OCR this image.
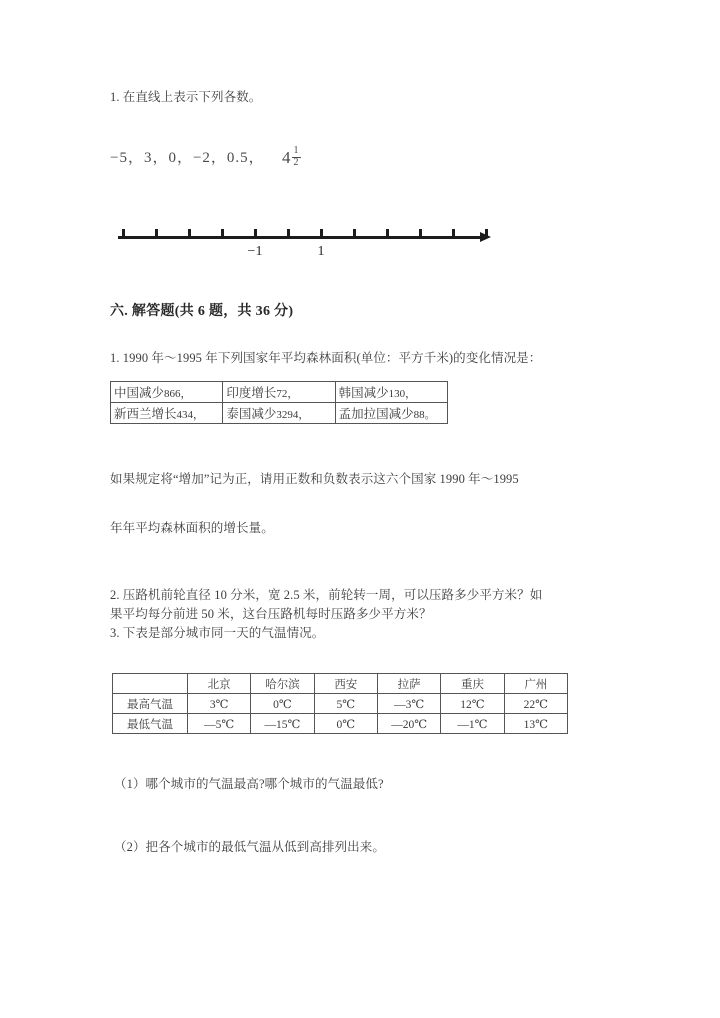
1. 在直线上表示下列各数。
−5，3，0，−2，0.5， $4 \frac{1}{2}$
−1	1
六. 解答题(共 6 题，共 36 分)
1. 1990 年～1995 年下列国家年平均森林面积(单位：平方千米)的变化情况是：
中国减少866，	印度增长72，	韩国减少130，
新西兰增长434，	泰国减少3294，	孟加拉国减少88。
如果规定将“增加”记为正，请用正数和负数表示这六个国家 1990 年～1995
年年平均森林面积的增长量。
2. 压路机前轮直径 10 分米，宽 2.5 米，前轮转一周，可以压路多少平方米？如
果平均每分前进 50 米，这台压路机每时压路多少平方米？
3. 下表是部分城市同一天的气温情况。
	北京	哈尔滨	西安	拉萨	重庆	广州
最高气温	3℃	0℃	5℃	—3℃	12℃	22℃
最低气温	—5℃	—15℃	0℃	—20℃	—1℃	13℃
（1）哪个城市的气温最高?哪个城市的气温最低?
（2）把各个城市的最低气温从低到高排列出来。
